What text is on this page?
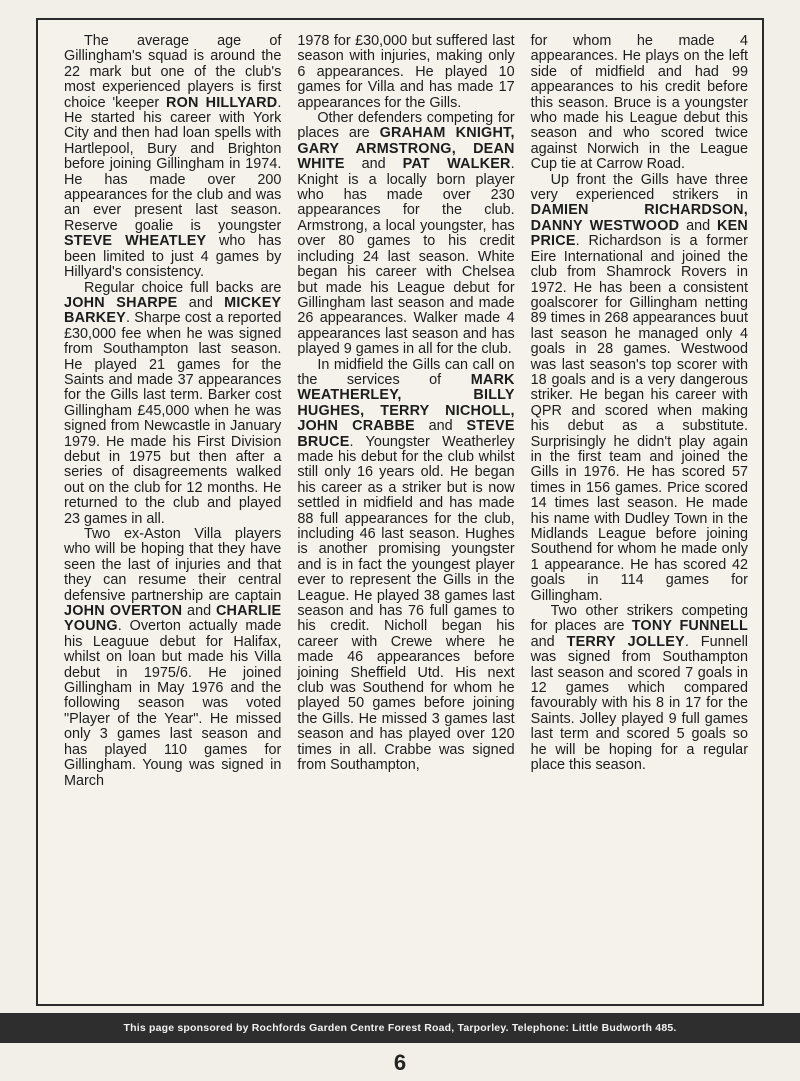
The average age of Gillingham's squad is around the 22 mark but one of the club's most experienced players is first choice 'keeper RON HILLYARD. He started his career with York City and then had loan spells with Hartlepool, Bury and Brighton before joining Gillingham in 1974. He has made over 200 appearances for the club and was an ever present last season. Reserve goalie is youngster STEVE WHEATLEY who has been limited to just 4 games by Hillyard's consistency.

Regular choice full backs are JOHN SHARPE and MICKEY BARKEY. Sharpe cost a reported £30,000 fee when he was signed from Southampton last season. He played 21 games for the Saints and made 37 appearances for the Gills last term. Barker cost Gillingham £45,000 when he was signed from Newcastle in January 1979. He made his First Division debut in 1975 but then after a series of disagreements walked out on the club for 12 months. He returned to the club and played 23 games in all.

Two ex-Aston Villa players who will be hoping that they have seen the last of injuries and that they can resume their central defensive partnership are captain JOHN OVERTON and CHARLIE YOUNG. Overton actually made his Leaguue debut for Halifax, whilst on loan but made his Villa debut in 1975/6. He joined Gillingham in May 1976 and the following season was voted "Player of the Year". He missed only 3 games last season and has played 110 games for Gillingham. Young was signed in March

1978 for £30,000 but suffered last season with injuries, making only 6 appearances. He played 10 games for Villa and has made 17 appearances for the Gills.

Other defenders competing for places are GRAHAM KNIGHT, GARY ARMSTRONG, DEAN WHITE and PAT WALKER. Knight is a locally born player who has made over 230 appearances for the club. Armstrong, a local youngster, has over 80 games to his credit including 24 last season. White began his career with Chelsea but made his League debut for Gillingham last season and made 26 appearances. Walker made 4 appearances last season and has played 9 games in all for the club.

In midfield the Gills can call on the services of MARK WEATHERLEY, BILLY HUGHES, TERRY NICHOLL, JOHN CRABBE and STEVE BRUCE. Youngster Weatherley made his debut for the club whilst still only 16 years old. He began his career as a striker but is now settled in midfield and has made 88 full appearances for the club, including 46 last season. Hughes is another promising youngster and is in fact the youngest player ever to represent the Gills in the League. He played 38 games last season and has 76 full games to his credit. Nicholl began his career with Crewe where he made 46 appearances before joining Sheffield Utd. His next club was Southend for whom he played 50 games before joining the Gills. He missed 3 games last season and has played over 120 times in all. Crabbe was signed from Southampton,

for whom he made 4 appearances. He plays on the left side of midfield and had 99 appearances to his credit before this season. Bruce is a youngster who made his League debut this season and who scored twice against Norwich in the League Cup tie at Carrow Road.

Up front the Gills have three very experienced strikers in DAMIEN RICHARDSON, DANNY WESTWOOD and KEN PRICE. Richardson is a former Eire International and joined the club from Shamrock Rovers in 1972. He has been a consistent goalscorer for Gillingham netting 89 times in 268 appearances buut last season he managed only 4 goals in 28 games. Westwood was last season's top scorer with 18 goals and is a very dangerous striker. He began his career with QPR and scored when making his debut as a substitute. Surprisingly he didn't play again in the first team and joined the Gills in 1976. He has scored 57 times in 156 games. Price scored 14 times last season. He made his name with Dudley Town in the Midlands League before joining Southend for whom he made only 1 appearance. He has scored 42 goals in 114 games for Gillingham.

Two other strikers competing for places are TONY FUNNELL and TERRY JOLLEY. Funnell was signed from Southampton last season and scored 7 goals in 12 games which compared favourably with his 8 in 17 for the Saints. Jolley played 9 full games last term and scored 5 goals so he will be hoping for a regular place this season.

This page sponsored by Rochfords Garden Centre Forest Road, Tarporley. Telephone: Little Budworth 485.
6
